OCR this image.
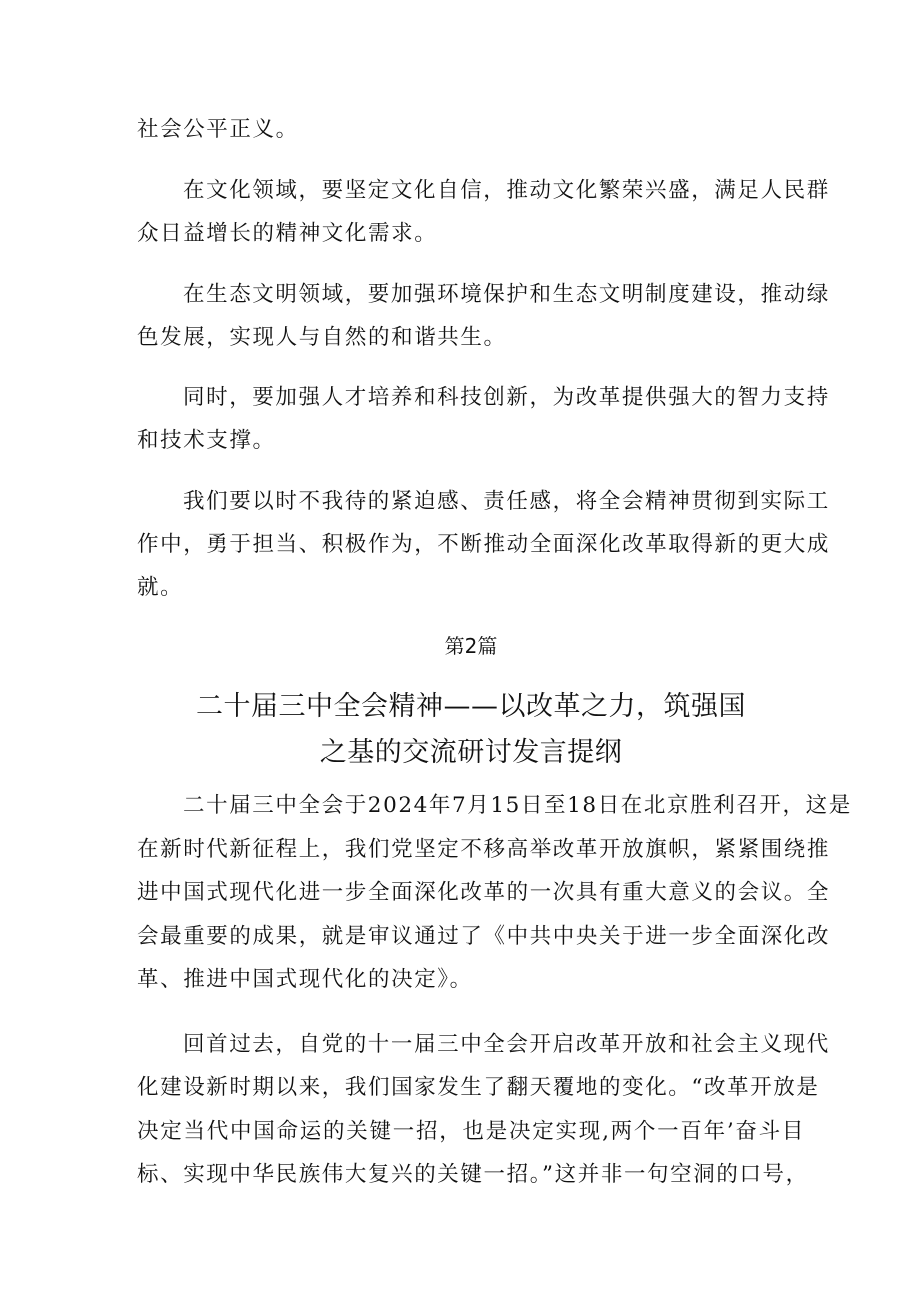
社会公平正义。
在文化领域，要坚定文化自信，推动文化繁荣兴盛，满足人民群
众日益增长的精神文化需求。
在生态文明领域，要加强环境保护和生态文明制度建设，推动绿
色发展，实现人与自然的和谐共生。
同时，要加强人才培养和科技创新，为改革提供强大的智力支持
和技术支撑。
我们要以时不我待的紧迫感、责任感，将全会精神贯彻到实际工
作中，勇于担当、积极作为，不断推动全面深化改革取得新的更大成
就。
第2篇
二十届三中全会精神——以改革之力，筑强国
之基的交流研讨发言提纲
二十届三中全会于2024年7月15日至18日在北京胜利召开，这是
在新时代新征程上，我们党坚定不移高举改革开放旗帜，紧紧围绕推
进中国式现代化进一步全面深化改革的一次具有重大意义的会议。全
会最重要的成果，就是审议通过了《中共中央关于进一步全面深化改
革、推进中国式现代化的决定》。
回首过去，自党的十一届三中全会开启改革开放和社会主义现代
化建设新时期以来，我们国家发生了翻天覆地的变化。“改革开放是
决定当代中国命运的关键一招，也是决定实现‚两个一百年’奋斗目
标、实现中华民族伟大复兴的关键一招。”这并非一句空洞的口号，
